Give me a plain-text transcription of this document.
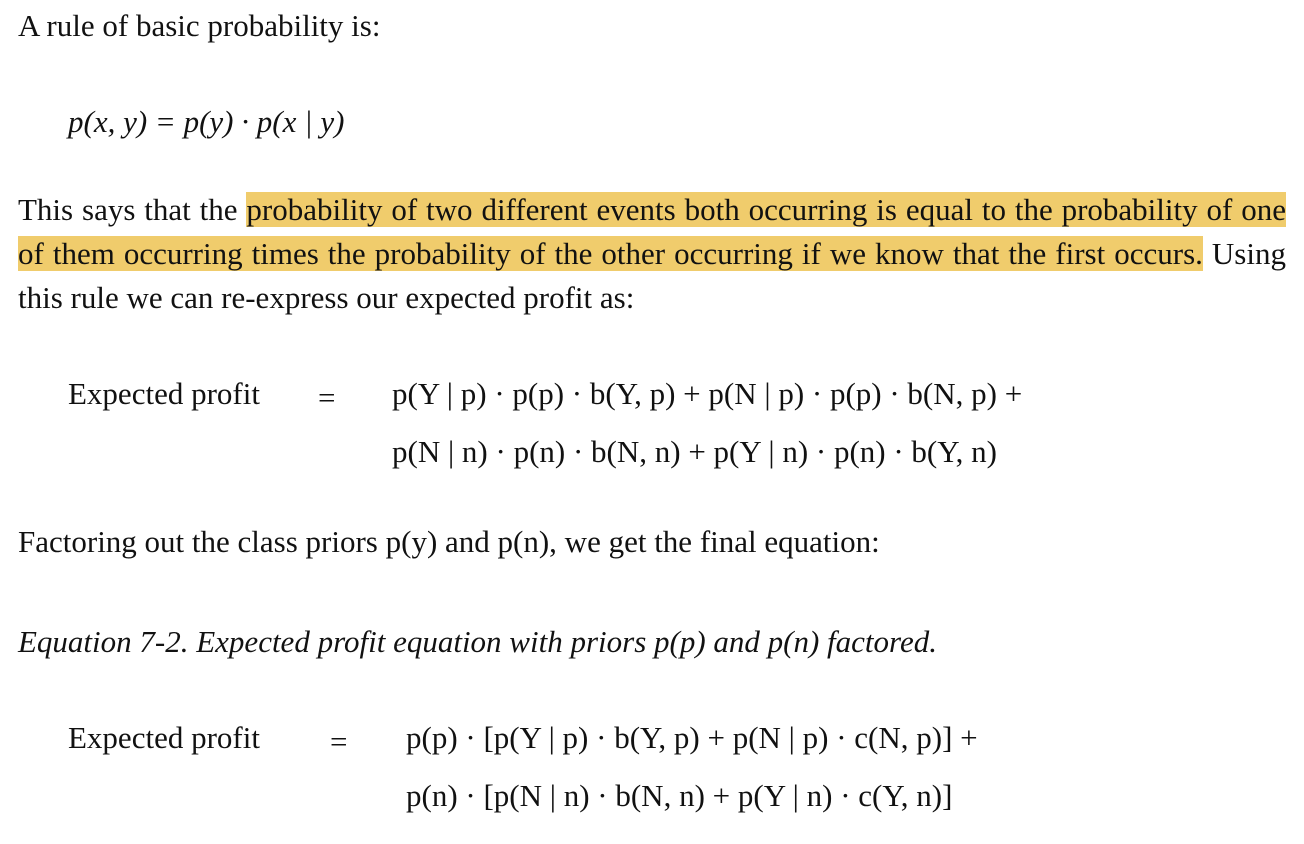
A rule of basic probability is:
p(x, y) = p(y) · p(x | y)
This says that the probability of two different events both occurring is equal to the probability of one of them occurring times the probability of the other occurring if we know that the first occurs. Using this rule we can re-express our expected profit as:
Expected profit = p(Y | p) · p(p) · b(Y, p) + p(N | p) · p(p) · b(N, p) +
p(N | n) · p(n) · b(N, n) + p(Y | n) · p(n) · b(Y, n)
Factoring out the class priors p(y) and p(n), we get the final equation:
Equation 7-2. Expected profit equation with priors p(p) and p(n) factored.
Expected profit = p(p) · [p(Y | p) · b(Y, p) + p(N | p) · c(N, p)] +
p(n) · [p(N | n) · b(N, n) + p(Y | n) · c(Y, n)]
